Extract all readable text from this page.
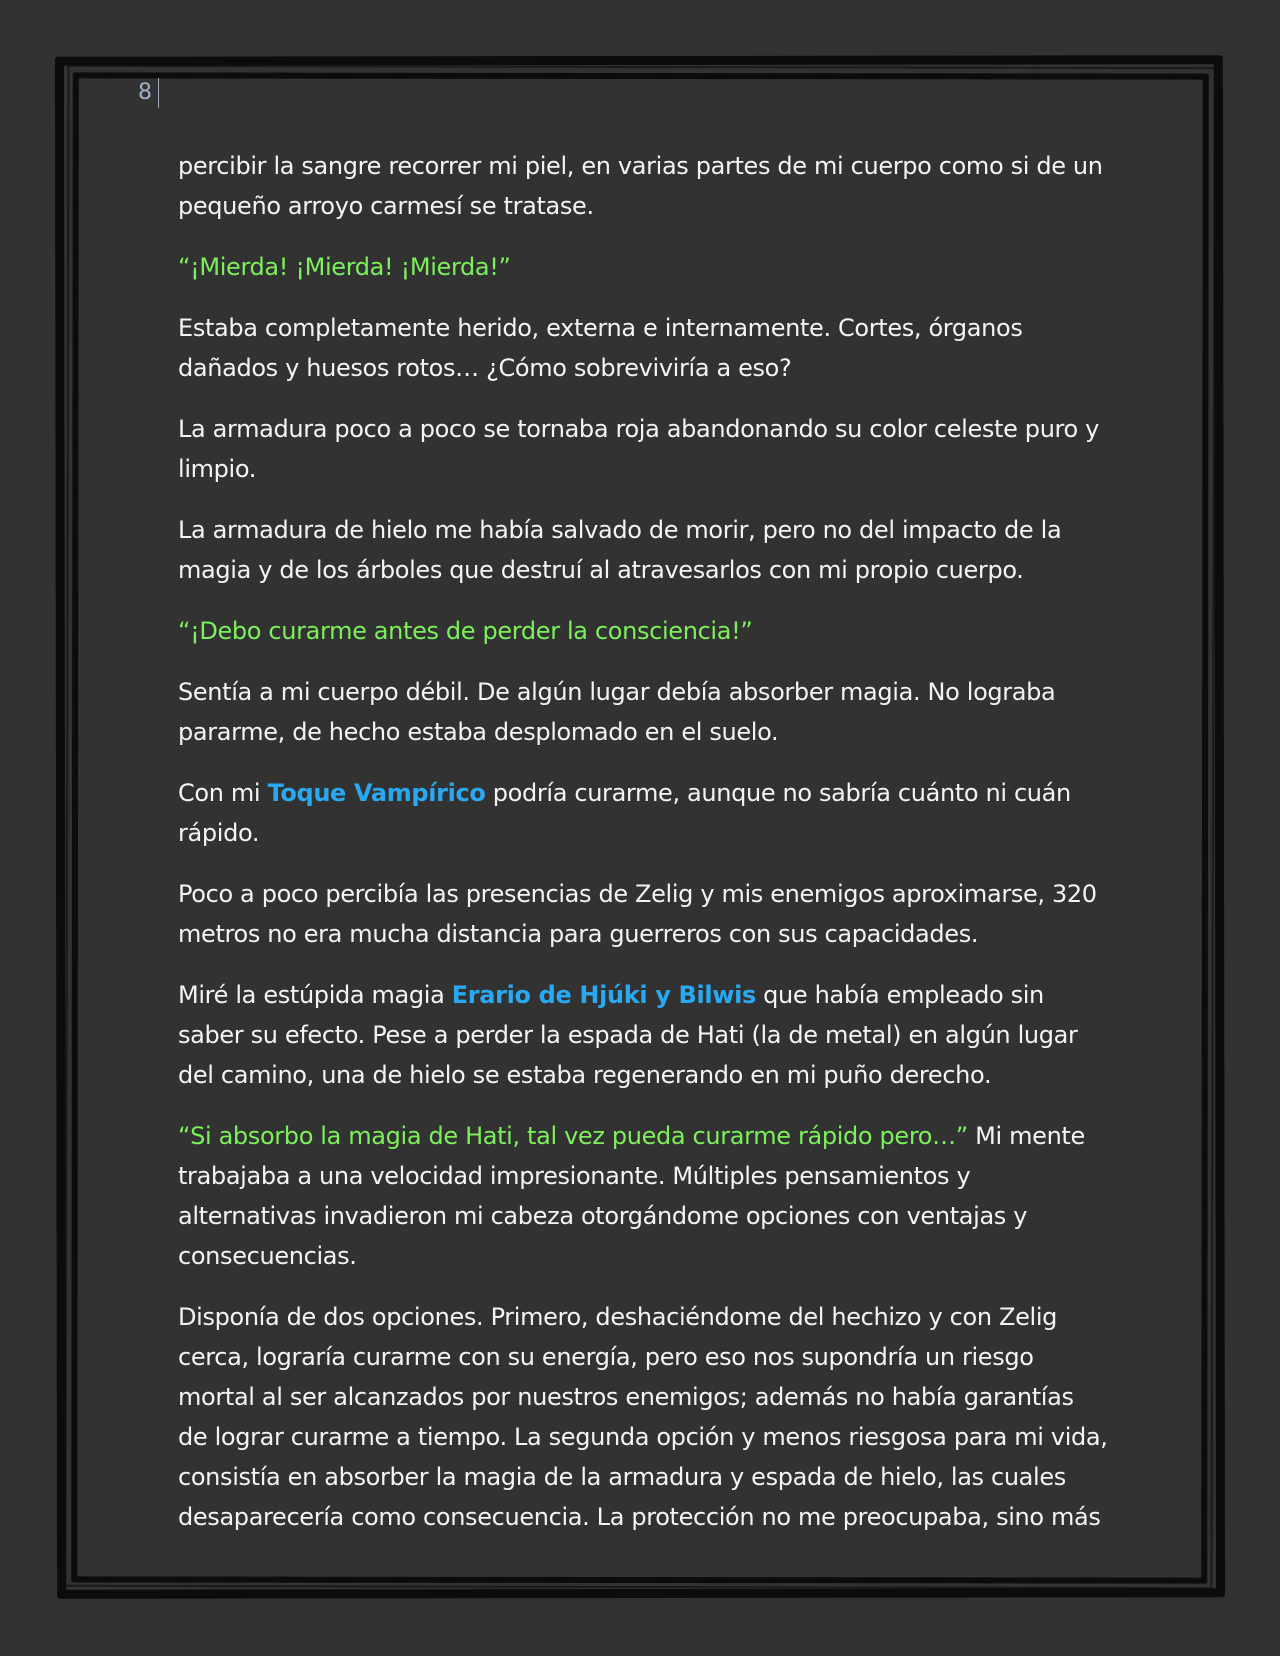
8

percibir la sangre recorrer mi piel, en varias partes de mi cuerpo como si de un pequeño arroyo carmesí se tratase.

“¡Mierda! ¡Mierda! ¡Mierda!”

Estaba completamente herido, externa e internamente. Cortes, órganos dañados y huesos rotos… ¿Cómo sobreviviría a eso?

La armadura poco a poco se tornaba roja abandonando su color celeste puro y limpio.

La armadura de hielo me había salvado de morir, pero no del impacto de la magia y de los árboles que destruí al atravesarlos con mi propio cuerpo.

“¡Debo curarme antes de perder la consciencia!”

Sentía a mi cuerpo débil. De algún lugar debía absorber magia. No lograba pararme, de hecho estaba desplomado en el suelo.

Con mi Toque Vampírico podría curarme, aunque no sabría cuánto ni cuán rápido.

Poco a poco percibía las presencias de Zelig y mis enemigos aproximarse, 320 metros no era mucha distancia para guerreros con sus capacidades.

Miré la estúpida magia Erario de Hjúki y Bilwis que había empleado sin saber su efecto. Pese a perder la espada de Hati (la de metal) en algún lugar del camino, una de hielo se estaba regenerando en mi puño derecho.

“Si absorbo la magia de Hati, tal vez pueda curarme rápido pero…” Mi mente trabajaba a una velocidad impresionante. Múltiples pensamientos y alternativas invadieron mi cabeza otorgándome opciones con ventajas y consecuencias.

Disponía de dos opciones. Primero, deshaciéndome del hechizo y con Zelig cerca, lograría curarme con su energía, pero eso nos supondría un riesgo mortal al ser alcanzados por nuestros enemigos; además no había garantías de lograr curarme a tiempo. La segunda opción y menos riesgosa para mi vida, consistía en absorber la magia de la armadura y espada de hielo, las cuales desaparecería como consecuencia. La protección no me preocupaba, sino más
